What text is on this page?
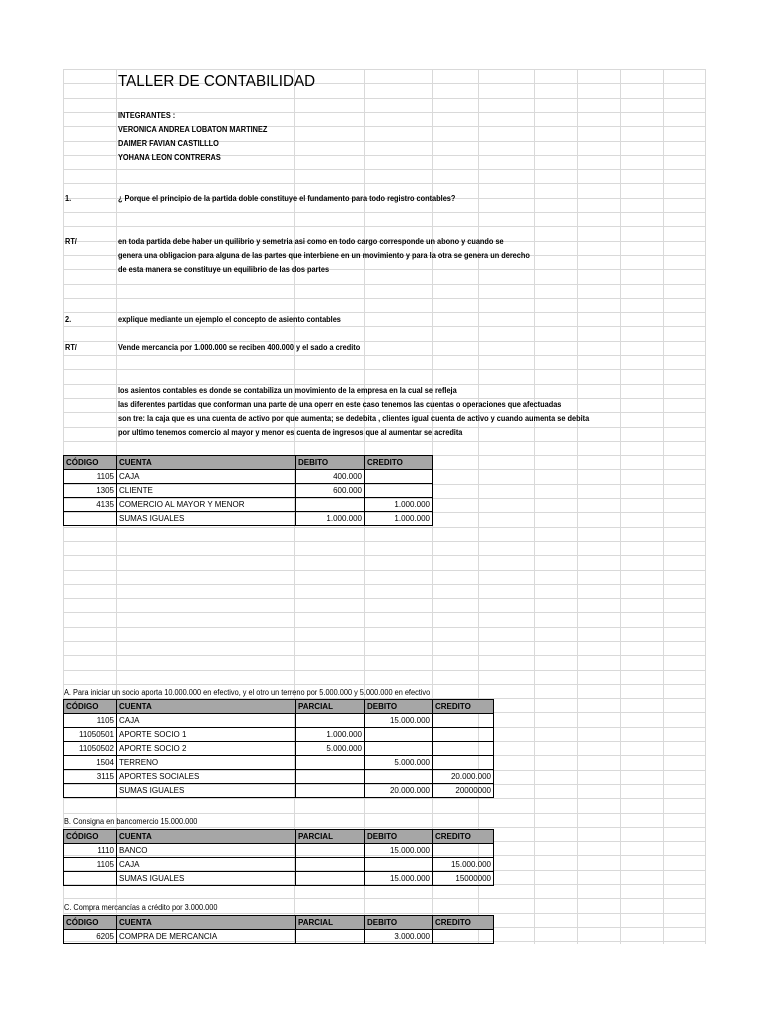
TALLER DE CONTABILIDAD
INTEGRANTES :
VERONICA ANDREA LOBATON MARTINEZ
DAIMER FAVIAN CASTILLLO
YOHANA LEON CONTRERAS
1.	¿ Porque el principio de la partida doble constituye el fundamento para todo registro contables?
RT/	en toda partida debe haber un quilibrio y semetria asi como en todo cargo corresponde un abono y cuando se
genera una obligacion para alguna de las partes que interbiene en un movimiento y para la otra se genera un derecho
de esta manera se constituye un equilibrio de las dos partes
2.	explique mediante un ejemplo el concepto de asiento contables
RT/	Vende mercancia por 1.000.000 se reciben 400.000 y el sado a credito
los asientos contables es donde se contabiliza un movimiento de la empresa en la cual se refleja
las diferentes partidas que conforman una parte de una operr en este caso tenemos las cuentas o operaciones que afectuadas
son tre: la caja que es una cuenta de activo por que aumenta; se dedebita , clientes igual cuenta de activo y cuando aumenta se debita
por ultimo tenemos comercio al mayor y menor es cuenta de ingresos que al aumentar se acredita
CÓDIGO	CUENTA	DEBITO	CREDITO
1105	CAJA	400.000	
1305	CLIENTE	600.000	
4135	COMERCIO AL MAYOR Y MENOR		1.000.000
	SUMAS IGUALES	1.000.000	1.000.000
A. Para iniciar un socio aporta 10.000.000 en efectivo, y el otro un terreno por 5.000.000 y 5.000.000 en efectivo
CÓDIGO	CUENTA	PARCIAL	DEBITO	CREDITO
1105	CAJA		15.000.000	
11050501	APORTE SOCIO 1	1.000.000		
11050502	APORTE SOCIO 2	5.000.000		
1504	TERRENO		5.000.000	
3115	APORTES SOCIALES			20.000.000
	SUMAS IGUALES		20.000.000	20000000
B. Consigna en bancomercio 15.000.000
CÓDIGO	CUENTA	PARCIAL	DEBITO	CREDITO
1110	BANCO		15.000.000	
1105	CAJA			15.000.000
	SUMAS IGUALES		15.000.000	15000000
C. Compra mercancías a crédito por 3.000.000
CÓDIGO	CUENTA	PARCIAL	DEBITO	CREDITO
6205	COMPRA DE MERCANCIA		3.000.000	
